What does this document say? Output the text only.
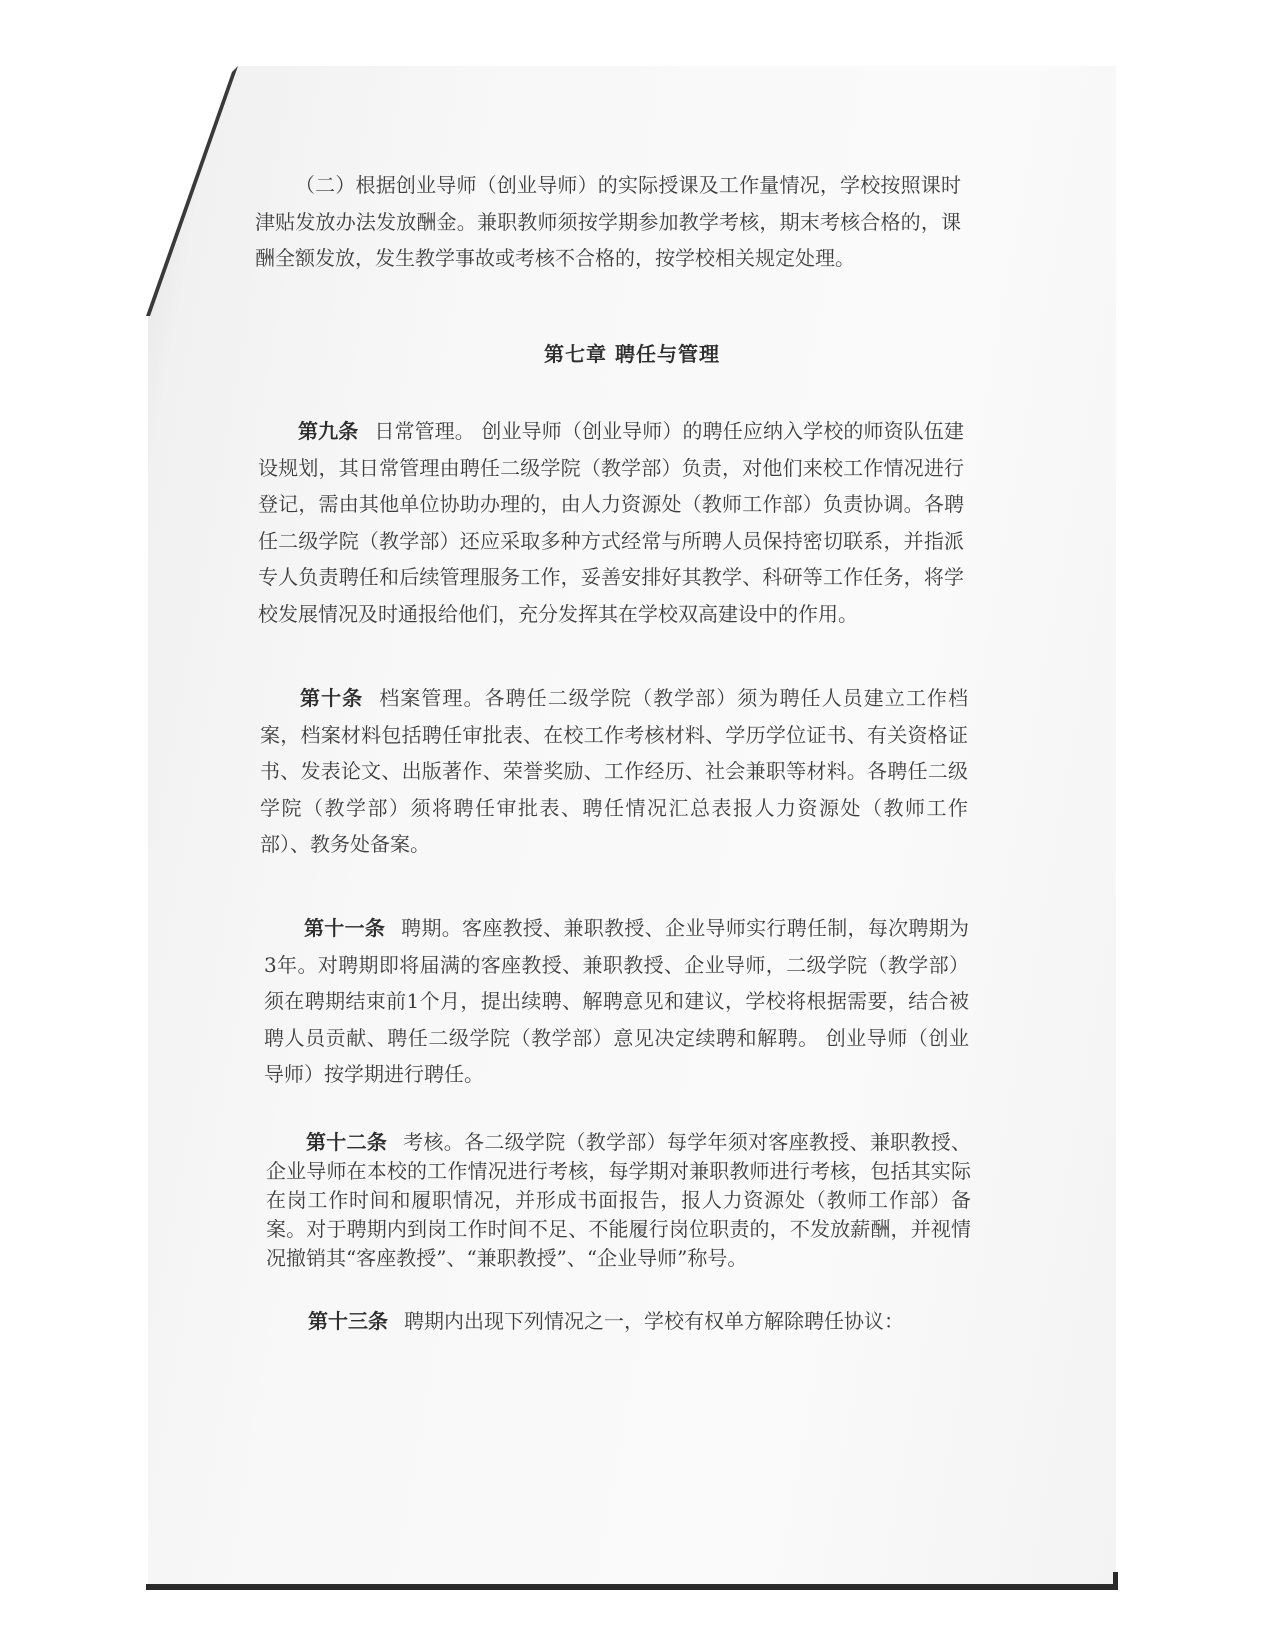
（二）根据创业导师（创业导师）的实际授课及工作量情况，学校按照课时津贴发放办法发放酬金。兼职教师须按学期参加教学考核，期末考核合格的，课酬全额发放，发生教学事故或考核不合格的，按学校相关规定处理。

第七章 聘任与管理

第九条 日常管理。 创业导师（创业导师）的聘任应纳入学校的师资队伍建设规划，其日常管理由聘任二级学院（教学部）负责，对他们来校工作情况进行登记，需由其他单位协助办理的，由人力资源处（教师工作部）负责协调。各聘任二级学院（教学部）还应采取多种方式经常与所聘人员保持密切联系，并指派专人负责聘任和后续管理服务工作，妥善安排好其教学、科研等工作任务，将学校发展情况及时通报给他们，充分发挥其在学校双高建设中的作用。

第十条 档案管理。各聘任二级学院（教学部）须为聘任人员建立工作档案，档案材料包括聘任审批表、在校工作考核材料、学历学位证书、有关资格证书、发表论文、出版著作、荣誉奖励、工作经历、社会兼职等材料。各聘任二级学院（教学部）须将聘任审批表、聘任情况汇总表报人力资源处（教师工作部）、教务处备案。

第十一条 聘期。客座教授、兼职教授、企业导师实行聘任制，每次聘期为3年。对聘期即将届满的客座教授、兼职教授、企业导师，二级学院（教学部）须在聘期结束前1个月，提出续聘、解聘意见和建议，学校将根据需要，结合被聘人员贡献、聘任二级学院（教学部）意见决定续聘和解聘。 创业导师（创业导师）按学期进行聘任。

第十二条 考核。各二级学院（教学部）每学年须对客座教授、兼职教授、企业导师在本校的工作情况进行考核，每学期对兼职教师进行考核，包括其实际在岗工作时间和履职情况，并形成书面报告，报人力资源处（教师工作部）备案。对于聘期内到岗工作时间不足、不能履行岗位职责的，不发放薪酬，并视情况撤销其“客座教授”、“兼职教授”、“企业导师”称号。

第十三条 聘期内出现下列情况之一，学校有权单方解除聘任协议：
